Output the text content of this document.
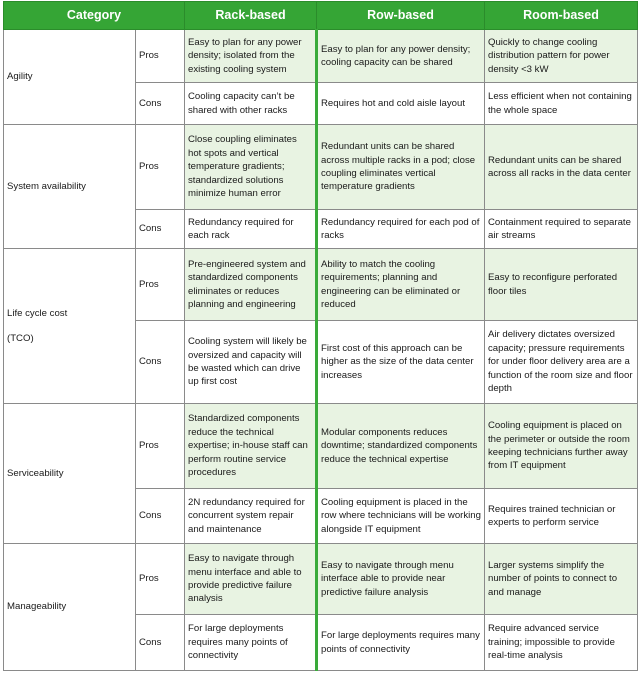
Category		Rack-based	Row-based	Room-based
Agility	Pros	Easy to plan for any power density; isolated from the existing cooling system	Easy to plan for any power density; cooling capacity can be shared	Quickly to change cooling distribution pattern for power density <3 kW
	Cons	Cooling capacity can’t be shared with other racks	Requires hot and cold aisle layout	Less efficient when not containing the whole space
System availability	Pros	Close coupling eliminates hot spots and vertical temperature gradients; standardized solutions minimize human error	Redundant units can be shared across multiple racks in a pod; close coupling eliminates vertical temperature gradients	Redundant units can be shared across all racks in the data center
	Cons	Redundancy required for each rack	Redundancy required for each pod of racks	Containment required to separate air streams
Life cycle cost
(TCO)	Pros	Pre-engineered system and standardized components eliminates or reduces planning and engineering	Ability to match the cooling requirements; planning and engineering can be eliminated or reduced	Easy to reconfigure perforated floor tiles
	Cons	Cooling system will likely be oversized and capacity will be wasted which can drive up first cost	First cost of this approach can be higher as the size of the data center increases	Air delivery dictates oversized capacity; pressure requirements for under floor delivery area are a function of the room size and floor depth
Serviceability	Pros	Standardized components reduce the technical expertise; in-house staff can perform routine service procedures	Modular components reduces downtime; standardized components reduce the technical expertise	Cooling equipment is placed on the perimeter or outside the room keeping technicians further away from IT equipment
	Cons	2N redundancy required for concurrent system repair and maintenance	Cooling equipment is placed in the row where technicians will be working alongside IT equipment	Requires trained technician or experts to perform service
Manageability	Pros	Easy to navigate through menu interface and able to provide predictive failure analysis	Easy to navigate through menu interface able to provide near predictive failure analysis	Larger systems simplify the number of points to connect to and manage
	Cons	For large deployments requires many points of connectivity	For large deployments requires many points of connectivity	Require advanced service training; impossible to provide real-time analysis
